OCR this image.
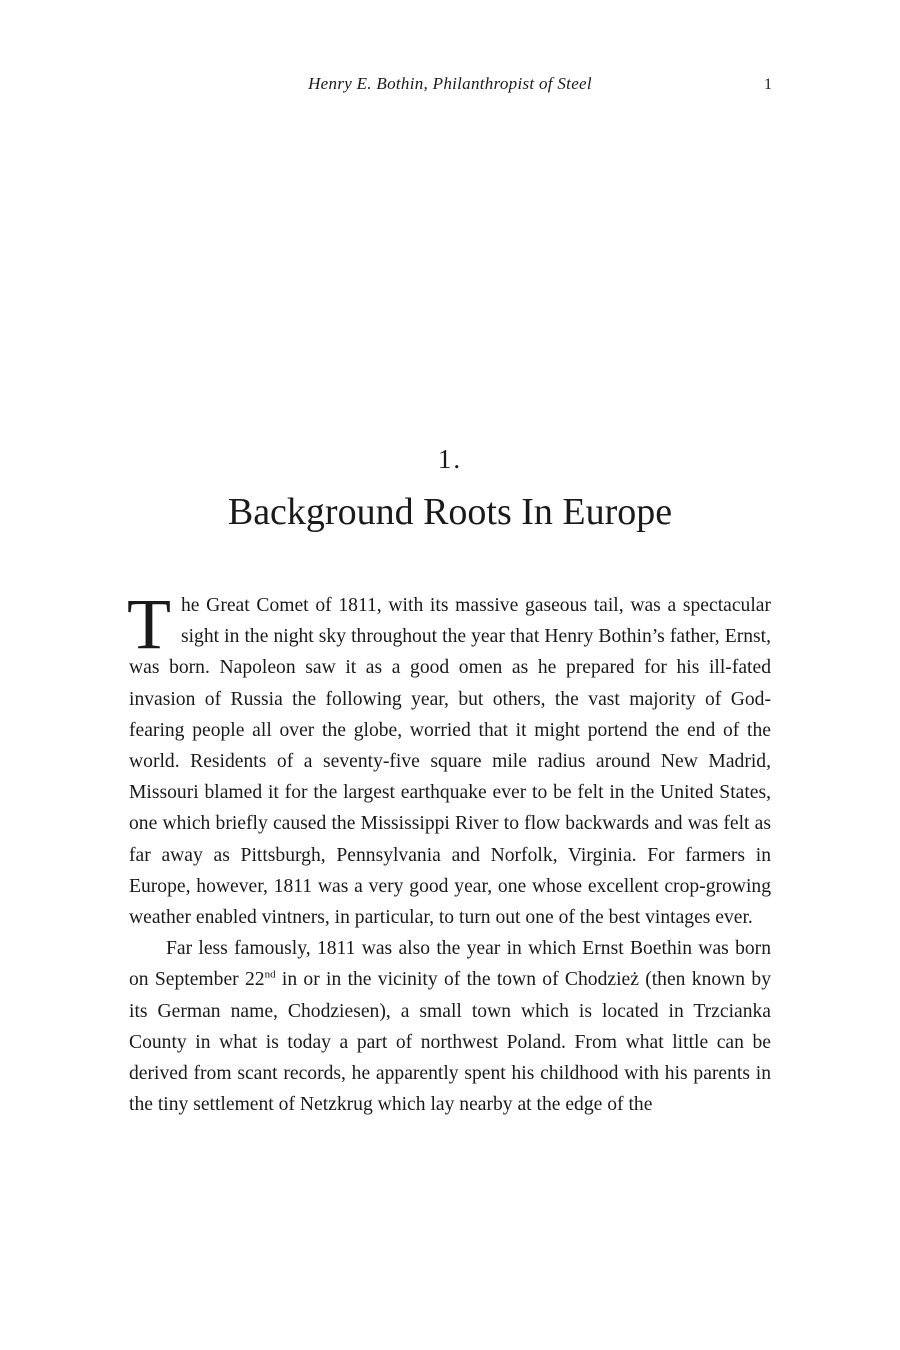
Henry E. Bothin, Philanthropist of Steel	1
1.
Background Roots In Europe

The Great Comet of 1811, with its massive gaseous tail, was a spectacular sight in the night sky throughout the year that Henry Bothin’s father, Ernst, was born. Napoleon saw it as a good omen as he prepared for his ill-fated invasion of Russia the following year, but others, the vast majority of God-fearing people all over the globe, worried that it might portend the end of the world. Residents of a seventy-five square mile radius around New Madrid, Missouri blamed it for the largest earthquake ever to be felt in the United States, one which briefly caused the Mississippi River to flow backwards and was felt as far away as Pittsburgh, Pennsylvania and Norfolk, Virginia. For farmers in Europe, however, 1811 was a very good year, one whose excellent crop-growing weather enabled vintners, in particular, to turn out one of the best vintages ever.

Far less famously, 1811 was also the year in which Ernst Boethin was born on September 22nd in or in the vicinity of the town of Chodzież (then known by its German name, Chodziesen), a small town which is located in Trzcianka County in what is today a part of northwest Poland. From what little can be derived from scant records, he apparently spent his childhood with his parents in the tiny settlement of Netzkrug which lay nearby at the edge of the
